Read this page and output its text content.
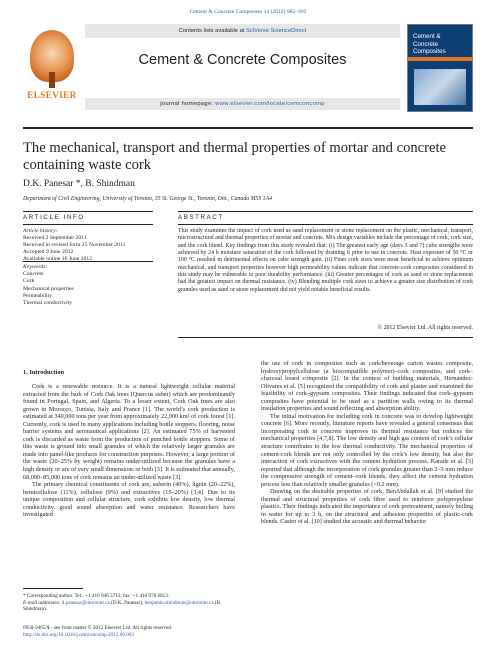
Cement & Concrete Composites 34 (2012) 982–992
ELSEVIER
Contents lists available at SciVerse ScienceDirect
Cement & Concrete Composites
journal homepage: www.elsevier.com/locate/cemconcomp
Cement &
Concrete
Composites
The mechanical, transport and thermal properties of mortar and concrete containing waste cork
D.K. Panesar *, B. Shindman
Department of Civil Engineering, University of Toronto, 35 St. George St., Toronto, Ont., Canada M5S 1A4
ARTICLE INFO	ABSTRACT
Article history:
Received 2 September 2011
Received in revised form 25 November 2011
Accepted 9 June 2012
Available online 16 June 2012
Keywords:
Concrete
Cork
Mechanical properties
Permeability
Thermal conductivity
This study examines the impact of cork used as sand replacement or stone replacement on the plastic, mechanical, transport, microstructural and thermal properties of mortar and concrete. Mix design variables include the percentage of cork, cork size, and the cork blend. Key findings from this study revealed that: (i) The greatest early age (days 3 and 7) cube strengths were achieved by 24 h moisture saturation of the cork followed by draining it prior to use in concrete. Heat exposure of 50 °C or 100 °C resulted in detrimental effects on cube strength gain. (ii) Finer cork sizes were most beneficial to achieve optimum mechanical, and transport properties however high permeability values indicate that concrete-cork composites considered in this study may be vulnerable to poor durability performance. (iii) Greater percentages of cork as sand or stone replacement had the greatest impact on thermal resistance. (iv) Blending multiple cork sizes to achieve a greater size distribution of cork granules used as sand or stone replacement did not yield notable beneficial results.
© 2012 Elsevier Ltd. All rights reserved.
1. Introduction

Cork is a renewable resource. It is a natural lightweight cellular material extracted from the bark of Cork Oak trees (Quercus suber) which are predominantly found in Portugal, Spain, and Algeria. To a lesser extent, Cork Oak trees are also grown in Morocco, Tunisia, Italy and France [1]. The world’s cork production is estimated at 340,000 tons per year from approximately 22,000 km² of cork forest [1]. Currently, cork is used in many applications including bottle stoppers, flooring, noise barrier systems and aeronautical applications [2]. An estimated 75% of harvested cork is discarded as waste from the production of punched bottle stoppers. Some of this waste is ground into small granules of which the relatively larger granules are made into panel-like products for construction purposes. However, a large portion of the waste (20–25% by weight) remains under-utilized because the granules have a high density or are of very small dimensions or both [3]. It is estimated that annually, 68,000–85,000 tons of cork remains an under-utilized waste [3].

The primary chemical constituents of cork are, suberin (40%), lignin (20–22%), hemicellulose (11%), cellulose (9%) and extractives (15–20%) [3,4]. Due to its unique composition and cellular structure, cork exhibits low density, low thermal conductivity, good sound absorption and water resistance. Researchers have investigated

the use of cork in composites such as cork/beverage carton wastes composite, hydroxypropylcellulose (a biocompatible polymer)–cork composites, and cork–charcoal board composite [2]. In the context of building materials, Hernandez-Olivares et al. [5] recognized the compatibility of cork and plaster and examined the feasibility of cork–gypsum composites. Their findings indicated that cork–gypsum composites have potential to be used as a partition walls owing to its thermal insulation properties and sound reflecting and absorption ability.

The initial motivation for including cork in concrete was to develop lightweight concrete [6]. More recently, literature reports have revealed a general consensus that incorporating cork in concrete improves its thermal resistance but reduces the mechanical properties [4,7,8]. The low density and high gas content of cork’s cellular structure contributes to the low thermal conductivity. The mechanical properties of cement-cork blends are not only controlled by the cork’s low density, but also the interaction of cork extractives with the cement hydration process. Karade et al. [3] reported that although the incorporation of cork granules greater than 2–3 mm reduce the compressive strength of cement–cork blends, they affect the cement hydration process less than relatively smaller granules (<0.2 mm).

Drawing on the desirable properties of cork, BenAbdallah et al. [9] studied the thermal and structural properties of cork fibre used to reinforce polypropylene plastics. Their findings indicated the importance of cork pretreatment, namely boiling in water for up to 3 h, on the structural and adhesion properties of plastic-cork blends. Castro et al. [10] studied the acoustic and thermal behavior

* Corresponding author. Tel.: +1 416 946 5712; fax: +1 416 978 6813.
E-mail addresses: d.panesar@utoronto.ca (D.K. Panesar), benjamin.shindman@utoronto.ca (B. Shindman).
0958-9465/$ - see front matter © 2012 Elsevier Ltd. All rights reserved.
http://dx.doi.org/10.1016/j.cemconcomp.2012.06.003
